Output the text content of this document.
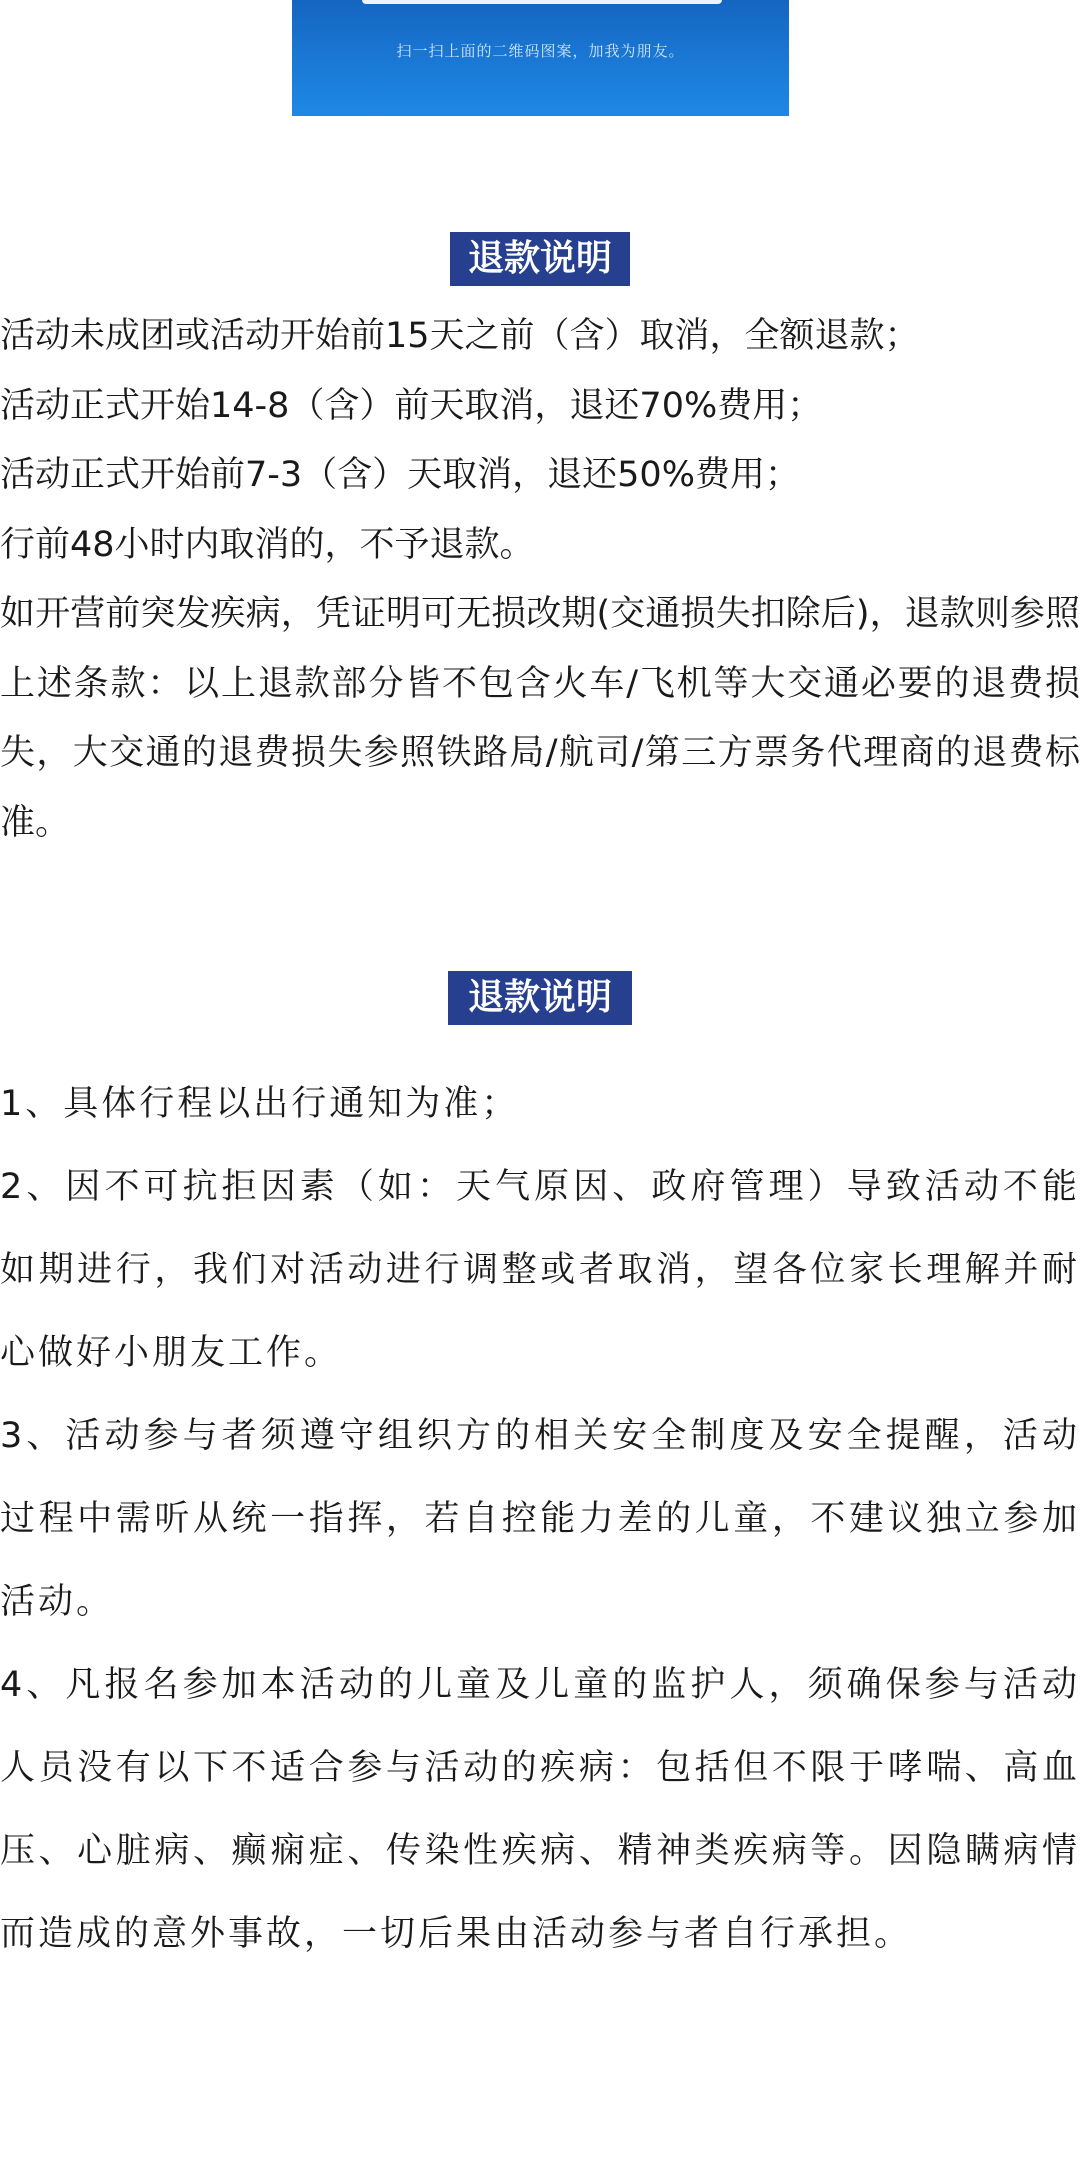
扫一扫上面的二维码图案，加我为朋友。
退款说明

活动未成团或活动开始前15天之前（含）取消，全额退款；

活动正式开始14-8（含）前天取消，退还70%费用；

活动正式开始前7-3（含）天取消，退还50%费用；

行前48小时内取消的，不予退款。

如开营前突发疾病，凭证明可无损改期(交通损失扣除后)，退款则参照上述条款：以上退款部分皆不包含火车/飞机等大交通必要的退费损失，大交通的退费损失参照铁路局/航司/第三方票务代理商的退费标准。

退款说明

1、具体行程以出行通知为准；

2、因不可抗拒因素（如：天气原因、政府管理）导致活动不能如期进行，我们对活动进行调整或者取消，望各位家长理解并耐心做好小朋友工作。

3、活动参与者须遵守组织方的相关安全制度及安全提醒，活动过程中需听从统一指挥，若自控能力差的儿童，不建议独立参加活动。

4、凡报名参加本活动的儿童及儿童的监护人，须确保参与活动人员没有以下不适合参与活动的疾病：包括但不限于哮喘、高血压、心脏病、癫痫症、传染性疾病、精神类疾病等。因隐瞒病情而造成的意外事故，一切后果由活动参与者自行承担。
